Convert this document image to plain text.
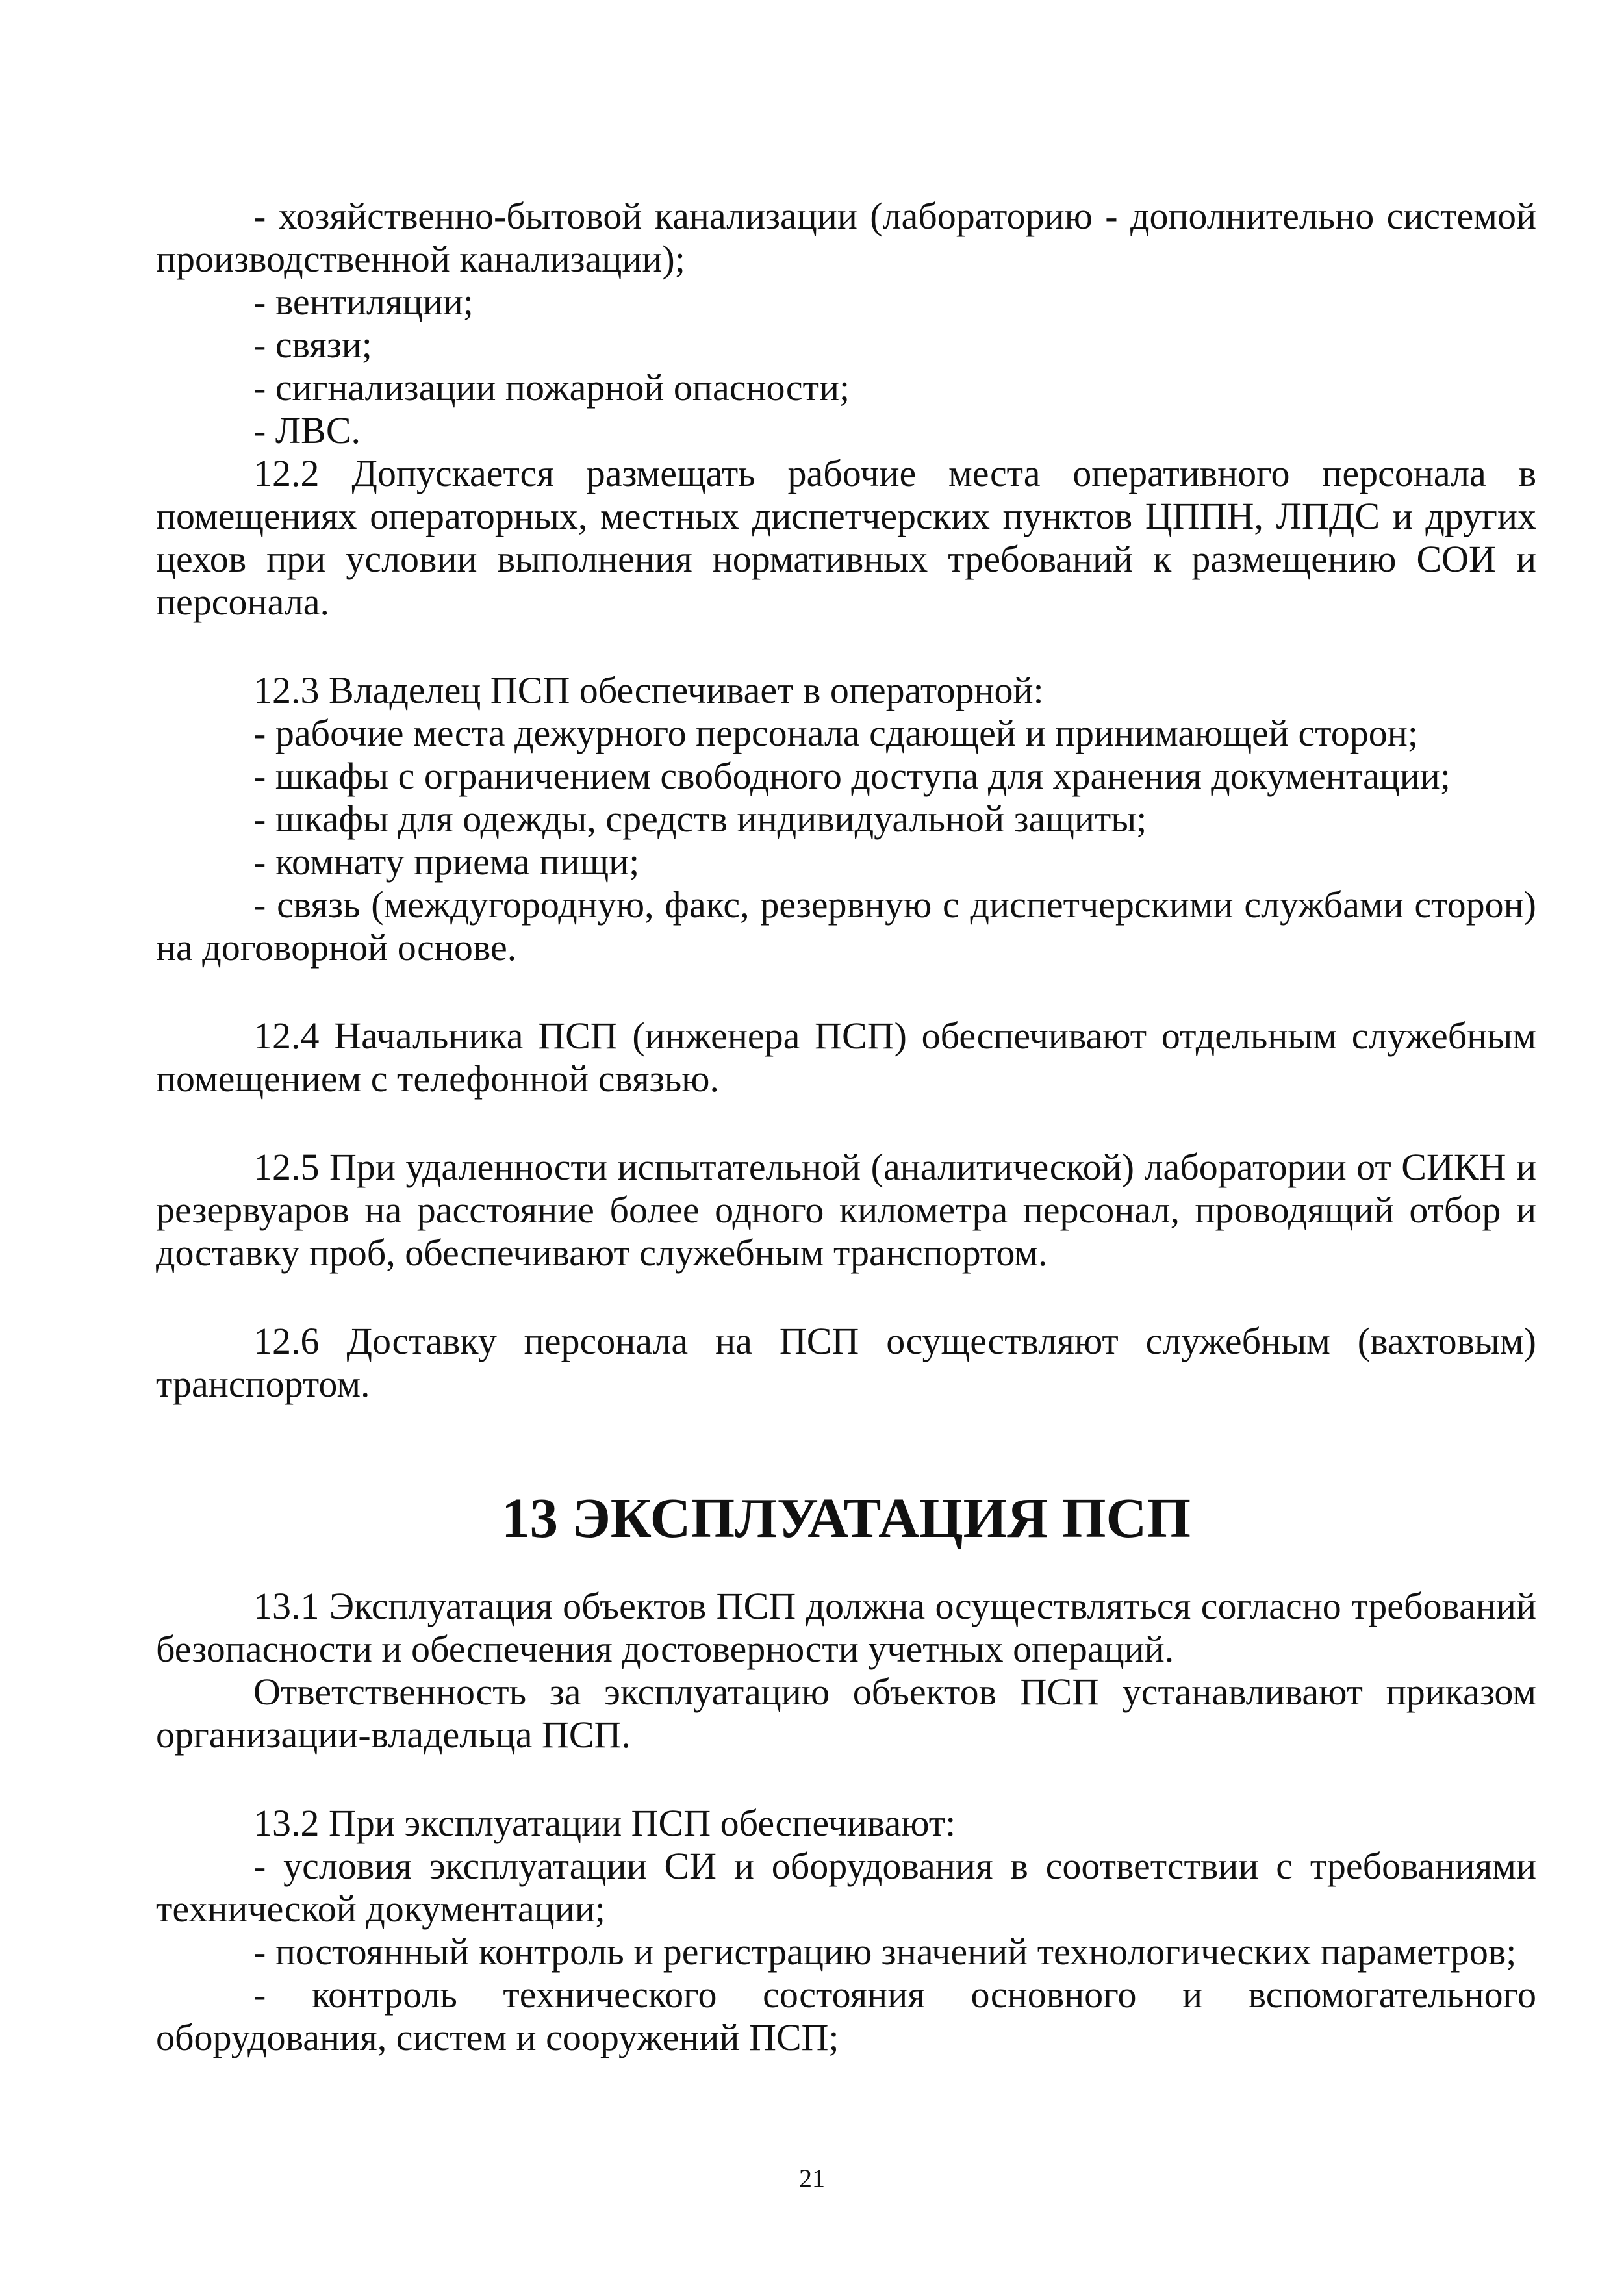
- хозяйственно-бытовой канализации (лабораторию - дополнительно системой производственной канализации);

- вентиляции;

- связи;

- сигнализации пожарной опасности;

- ЛВС.

12.2 Допускается размещать рабочие места оперативного персонала в помещениях операторных, местных диспетчерских пунктов ЦППН, ЛПДС и других цехов при условии выполнения нормативных требований к размещению СОИ и персонала.

12.3 Владелец ПСП обеспечивает в операторной:

- рабочие места дежурного персонала сдающей и принимающей сторон;

- шкафы с ограничением свободного доступа для хранения документации;

- шкафы для одежды, средств индивидуальной защиты;

- комнату приема пищи;

- связь (междугородную, факс, резервную с диспетчерскими службами сторон) на договорной основе.

12.4 Начальника ПСП (инженера ПСП) обеспечивают отдельным служебным помещением с телефонной связью.

12.5 При удаленности испытательной (аналитической) лаборатории от СИКН и резервуаров на расстояние более одного километра персонал, проводящий отбор и доставку проб, обеспечивают служебным транспортом.

12.6 Доставку персонала на ПСП осуществляют служебным (вахтовым) транспортом.

13 ЭКСПЛУАТАЦИЯ ПСП

13.1 Эксплуатация объектов ПСП должна осуществляться согласно требований безопасности и обеспечения достоверности учетных операций.

Ответственность за эксплуатацию объектов ПСП устанавливают приказом организации-владельца ПСП.

13.2 При эксплуатации ПСП обеспечивают:

- условия эксплуатации СИ и оборудования в соответствии с требованиями технической документации;

- постоянный контроль и регистрацию значений технологических параметров;

- контроль технического состояния основного и вспомогательного оборудования, систем и сооружений ПСП;

21
